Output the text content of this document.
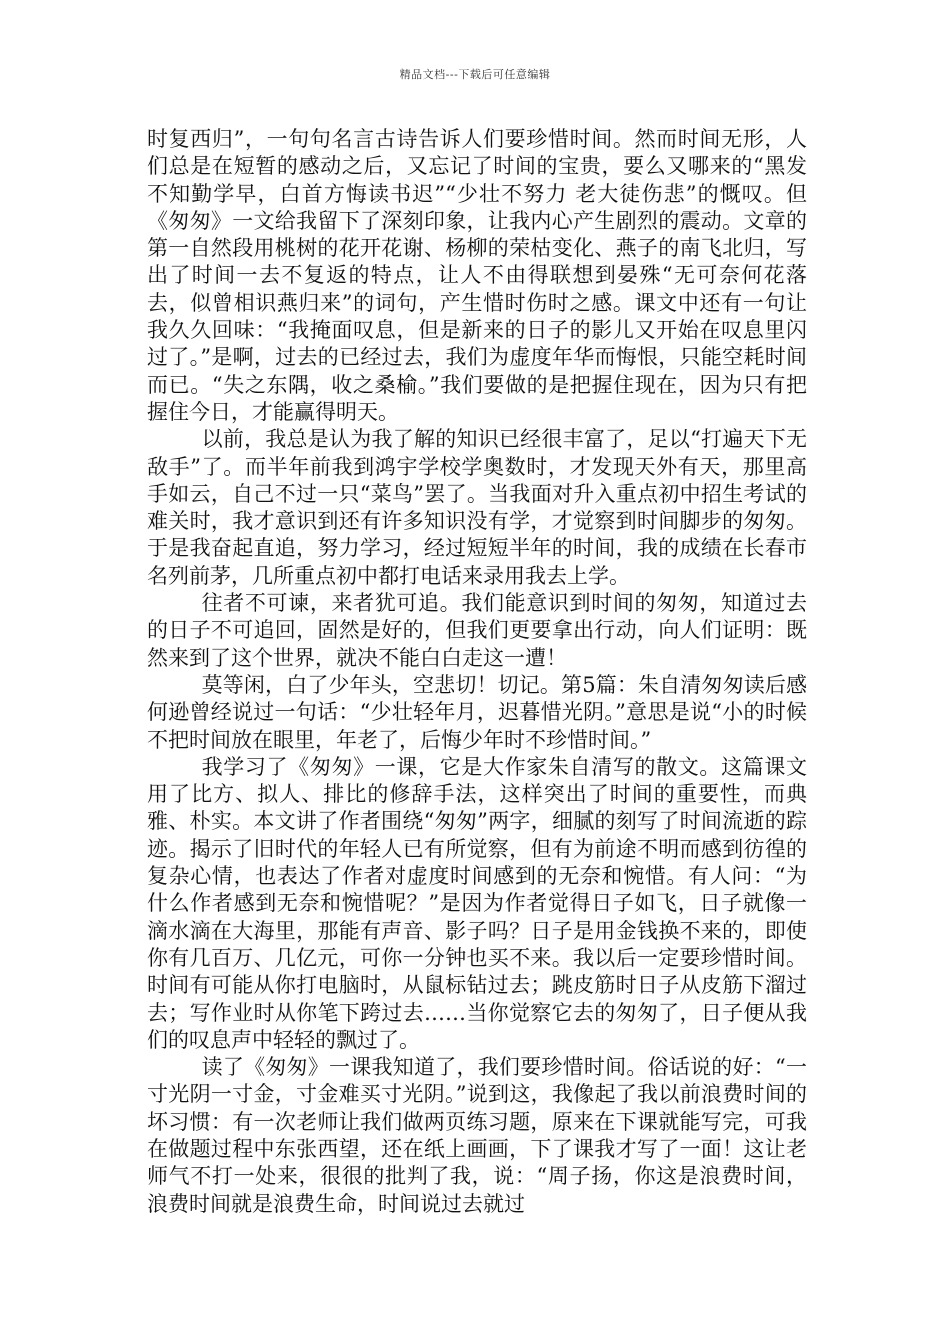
精品文档---下载后可任意编辑

时复西归”，一句句名言古诗告诉人们要珍惜时间。然而时间无形，人们总是在短暂的感动之后，又忘记了时间的宝贵，要么又哪来的“黑发不知勤学早，白首方悔读书迟”“少壮不努力 老大徒伤悲”的慨叹。但《匆匆》一文给我留下了深刻印象，让我内心产生剧烈的震动。文章的第一自然段用桃树的花开花谢、杨柳的荣枯变化、燕子的南飞北归，写出了时间一去不复返的特点，让人不由得联想到晏殊“无可奈何花落去，似曾相识燕归来”的词句，产生惜时伤时之感。课文中还有一句让我久久回味：“我掩面叹息，但是新来的日子的影儿又开始在叹息里闪过了。”是啊，过去的已经过去，我们为虚度年华而悔恨，只能空耗时间而已。“失之东隅，收之桑榆。”我们要做的是把握住现在，因为只有把握住今日，才能赢得明天。

以前，我总是认为我了解的知识已经很丰富了，足以“打遍天下无敌手”了。而半年前我到鸿宇学校学奥数时，才发现天外有天，那里高手如云，自己不过一只“菜鸟”罢了。当我面对升入重点初中招生考试的难关时，我才意识到还有许多知识没有学，才觉察到时间脚步的匆匆。于是我奋起直追，努力学习，经过短短半年的时间，我的成绩在长春市名列前茅，几所重点初中都打电话来录用我去上学。

往者不可谏，来者犹可追。我们能意识到时间的匆匆，知道过去的日子不可追回，固然是好的，但我们更要拿出行动，向人们证明：既然来到了这个世界，就决不能白白走这一遭！

莫等闲，白了少年头，空悲切！切记。第5篇：朱自清匆匆读后感何逊曾经说过一句话：“少壮轻年月，迟暮惜光阴。”意思是说“小的时候不把时间放在眼里，年老了，后悔少年时不珍惜时间。”

我学习了《匆匆》一课，它是大作家朱自清写的散文。这篇课文用了比方、拟人、排比的修辞手法，这样突出了时间的重要性，而典雅、朴实。本文讲了作者围绕“匆匆”两字，细腻的刻写了时间流逝的踪迹。揭示了旧时代的年轻人已有所觉察，但有为前途不明而感到彷徨的复杂心情，也表达了作者对虚度时间感到的无奈和惋惜。有人问：“为什么作者感到无奈和惋惜呢？”是因为作者觉得日子如飞，日子就像一滴水滴在大海里，那能有声音、影子吗？日子是用金钱换不来的，即使你有几百万、几亿元，可你一分钟也买不来。我以后一定要珍惜时间。时间有可能从你打电脑时，从鼠标钻过去；跳皮筋时日子从皮筋下溜过去；写作业时从你笔下跨过去……当你觉察它去的匆匆了，日子便从我们的叹息声中轻轻的飘过了。

读了《匆匆》一课我知道了，我们要珍惜时间。俗话说的好：“一寸光阴一寸金，寸金难买寸光阴。”说到这，我像起了我以前浪费时间的坏习惯：有一次老师让我们做两页练习题，原来在下课就能写完，可我在做题过程中东张西望，还在纸上画画，下了课我才写了一面！这让老师气不打一处来，很很的批判了我，说：“周子扬，你这是浪费时间，浪费时间就是浪费生命，时间说过去就过
